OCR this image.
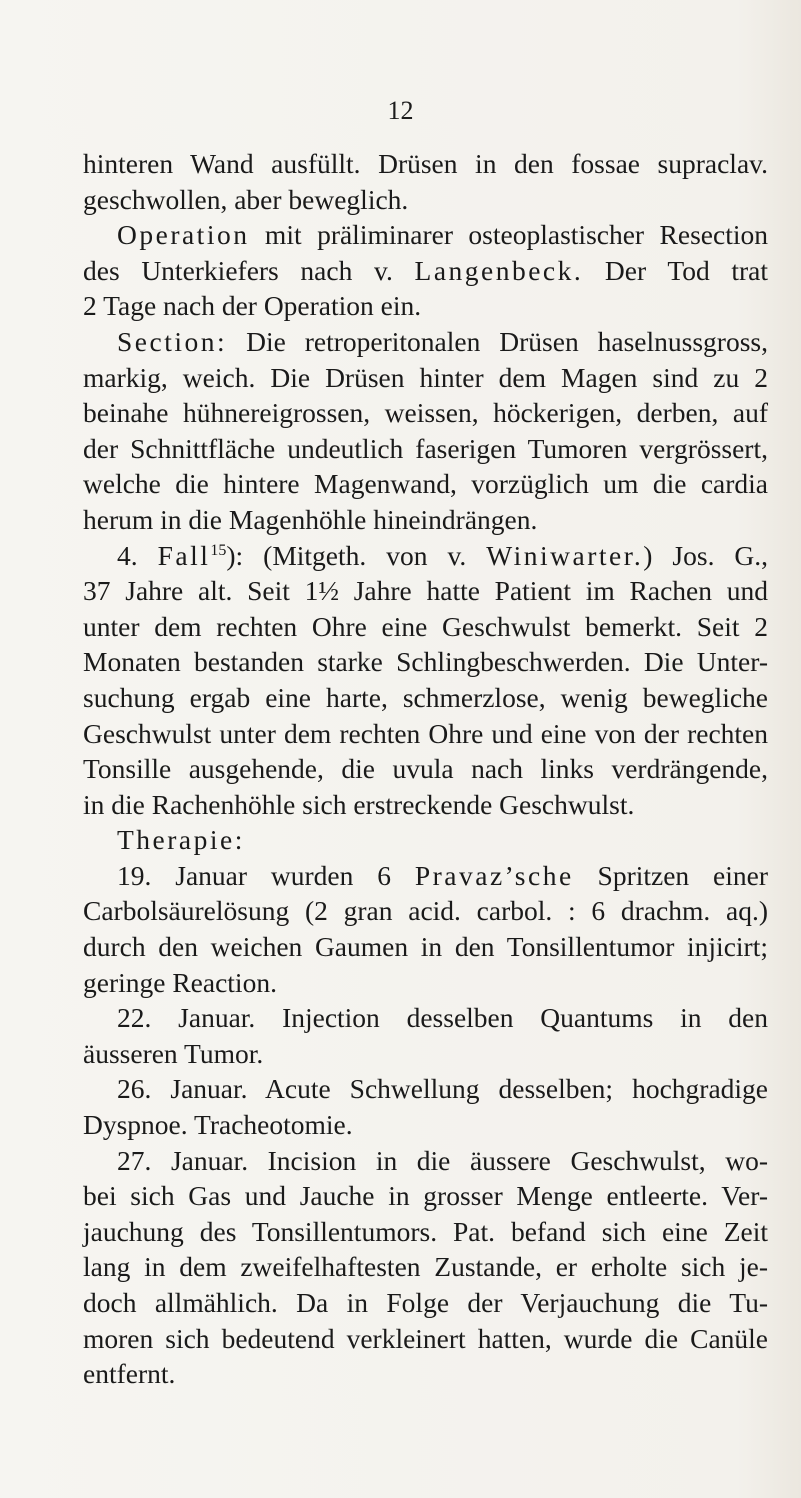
12
hinteren Wand ausfüllt. Drüsen in den fossae supraclav.
geschwollen, aber beweglich.
Operation mit präliminarer osteoplastischer Resection
des Unterkiefers nach v. Langenbeck. Der Tod trat
2 Tage nach der Operation ein.
Section: Die retroperitonalen Drüsen haselnussgross,
markig, weich. Die Drüsen hinter dem Magen sind zu 2
beinahe hühnereigrossen, weissen, höckerigen, derben, auf
der Schnittfläche undeutlich faserigen Tumoren vergrössert,
welche die hintere Magenwand, vorzüglich um die cardia
herum in die Magenhöhle hineindrängen.
4. Fall$^{15}$): (Mitgeth. von v. Winiwarter.) Jos. G.,
37 Jahre alt. Seit 1½ Jahre hatte Patient im Rachen und
unter dem rechten Ohre eine Geschwulst bemerkt. Seit 2
Monaten bestanden starke Schlingbeschwerden. Die Unter-
suchung ergab eine harte, schmerzlose, wenig bewegliche
Geschwulst unter dem rechten Ohre und eine von der rechten
Tonsille ausgehende, die uvula nach links verdrängende,
in die Rachenhöhle sich erstreckende Geschwulst.
Therapie:
19. Januar wurden 6 Pravaz’sche Spritzen einer
Carbolsäurelösung (2 gran acid. carbol. : 6 drachm. aq.)
durch den weichen Gaumen in den Tonsillentumor injicirt;
geringe Reaction.
22. Januar. Injection desselben Quantums in den
äusseren Tumor.
26. Januar. Acute Schwellung desselben; hochgradige
Dyspnoe. Tracheotomie.
27. Januar. Incision in die äussere Geschwulst, wo-
bei sich Gas und Jauche in grosser Menge entleerte. Ver-
jauchung des Tonsillentumors. Pat. befand sich eine Zeit
lang in dem zweifelhaftesten Zustande, er erholte sich je-
doch allmählich. Da in Folge der Verjauchung die Tu-
moren sich bedeutend verkleinert hatten, wurde die Canüle
entfernt.
